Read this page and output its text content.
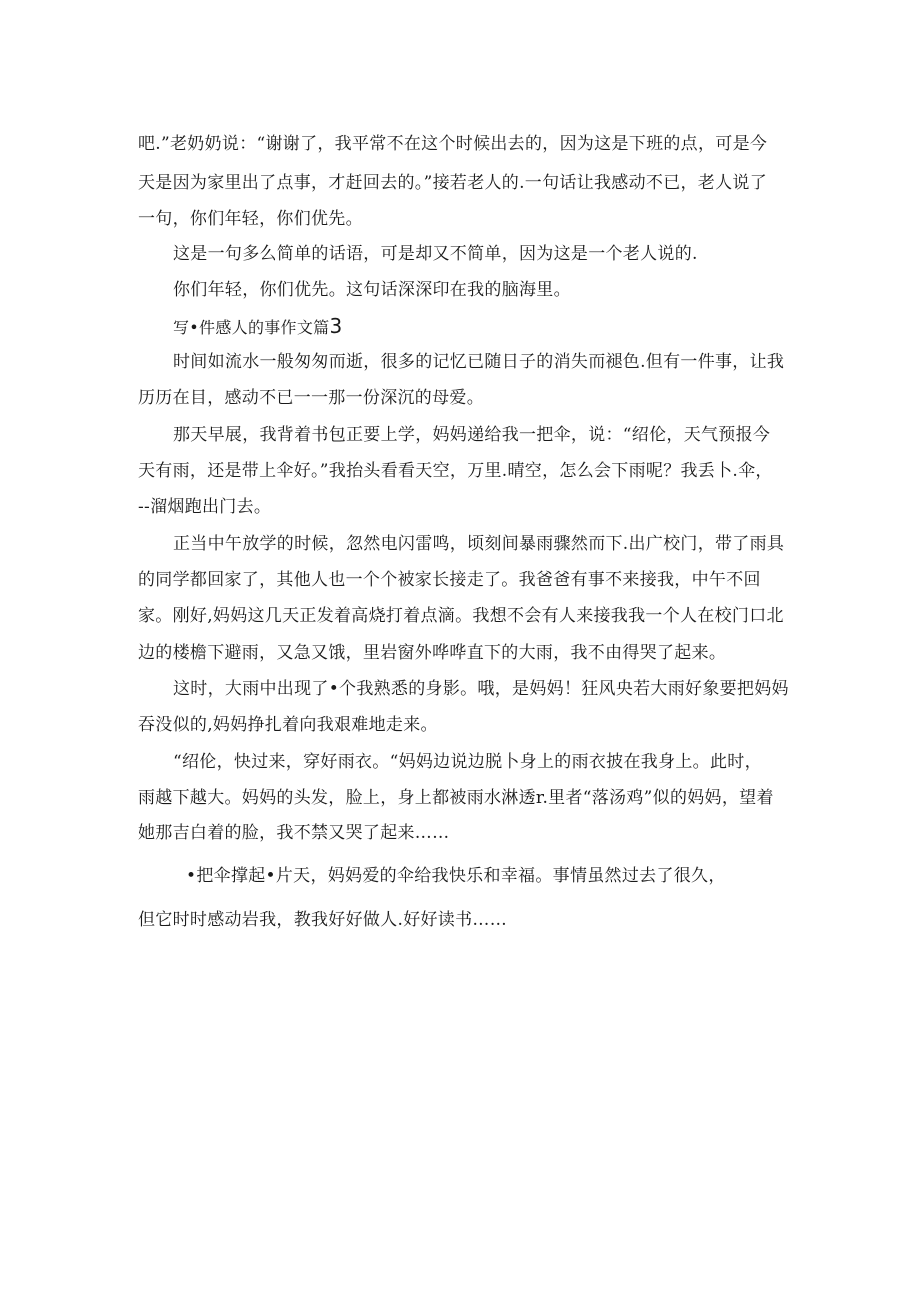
吧.”老奶奶说：“谢谢了，我平常不在这个时候出去的，因为这是下班的点，可是今
天是因为家里出了点事，才赶回去的。”接若老人的.一句话让我感动不已，老人说了
一句，你们年轻，你们优先。
这是一句多么简单的话语，可是却又不简单，因为这是一个老人说的.
你们年轻，你们优先。这句话深深印在我的脑海里。
写•件感人的事作文篇3
时间如流水一般匆匆而逝，很多的记忆已随日子的消失而褪色.但有一件事，让我
历历在目，感动不已一一那一份深沉的母爱。
那天早展，我背着书包正要上学，妈妈递给我一把伞，说：“绍伦，天气预报今
天有雨，还是带上伞好。”我抬头看看天空，万里.晴空，怎么会下雨呢？我丢卜.伞，
--溜烟跑出门去。
正当中午放学的时候，忽然电闪雷鸣，顷刻间暴雨骤然而下.出广校门，带了雨具
的同学都回家了，其他人也一个个被家长接走了。我爸爸有事不来接我，中午不回
家。刚好,妈妈这几天正发着高烧打着点滴。我想不会有人来接我我一个人在校门口北
边的楼檐下避雨，又急又饿，里岩窗外哗哗直下的大雨，我不由得哭了起来。
这时，大雨中出现了•个我熟悉的身影。哦，是妈妈！狂风央若大雨好象要把妈妈
吞没似的,妈妈挣扎着向我艰难地走来。
“绍伦，快过来，穿好雨衣。“妈妈边说边脱卜身上的雨衣披在我身上。此时，
雨越下越大。妈妈的头发，脸上，身上都被雨水淋透r.里者“落汤鸡”似的妈妈，望着
她那吉白着的脸，我不禁又哭了起来……
•把伞撑起•片天，妈妈爱的伞给我快乐和幸福。事情虽然过去了很久，
但它时时感动岩我，教我好好做人.好好读书……
